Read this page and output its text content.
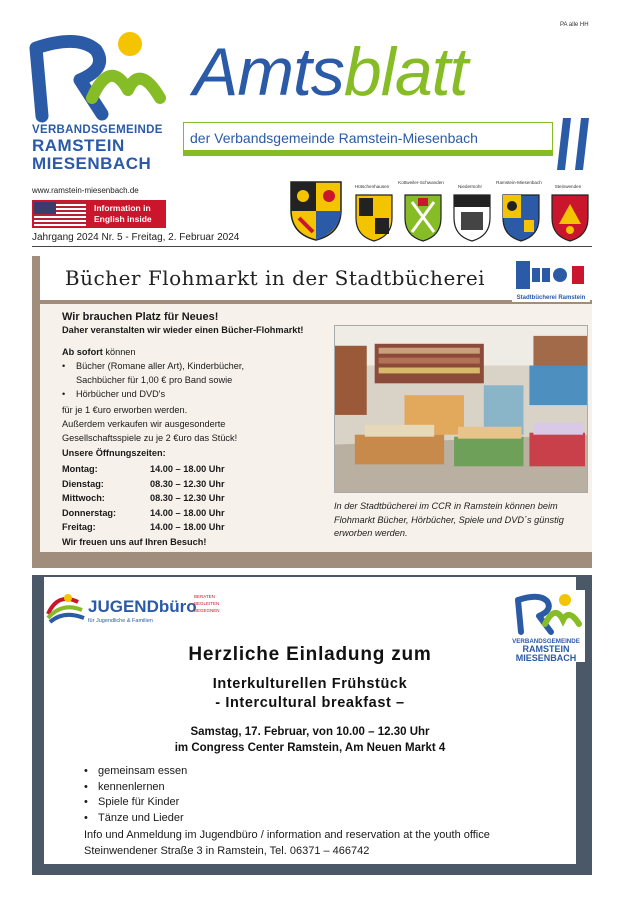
PA alle HH
VERBANDSGEMEINDE
RAMSTEIN
MIESENBACH
Amtsblatt
der Verbandsgemeinde Ramstein-Miesenbach
www.ramstein-miesenbach.de
Information in
English inside
Jahrgang 2024 Nr. 5 - Freitag, 2. Februar 2024
Hütschenhausen
Kottweiler-Schwanden
Niedermohr
Ramstein-Miesenbach
Steinwenden
Bücher Flohmarkt in der Stadtbücherei
Stadtbücherei Ramstein
Wir brauchen Platz für Neues!
Daher veranstalten wir wieder einen Bücher-Flohmarkt!
Ab sofort können
• Bücher (Romane aller Art), Kinderbücher,
Sachbücher für 1,00 € pro Band sowie
• Hörbücher und DVD's
für je 1 €uro erworben werden.
Außerdem verkaufen wir ausgesonderte
Gesellschaftsspiele zu je 2 €uro das Stück!
Unsere Öffnungszeiten:
Montag:	14.00 – 18.00 Uhr
Dienstag:	08.30 – 12.30 Uhr
Mittwoch:	08.30 – 12.30 Uhr
Donnerstag:	14.00 – 18.00 Uhr
Freitag:	14.00 – 18.00 Uhr
Wir freuen uns auf Ihren Besuch!
In der Stadtbücherei im CCR in Ramstein können beim Flohmarkt Bücher, Hörbücher, Spiele und DVD´s günstig erworben werden.
JUGENDbüro
für Jugendliche & Familien
BERATEN
BEGLEITEN
BEGEGNEN
VERBANDSGEMEINDE
RAMSTEIN
MIESENBACH
Herzliche Einladung zum
Interkulturellen Frühstück
- Intercultural breakfast –
Samstag, 17. Februar, von 10.00 – 12.30 Uhr
im Congress Center Ramstein, Am Neuen Markt 4
• gemeinsam essen
• kennenlernen
• Spiele für Kinder
• Tänze und Lieder
Info und Anmeldung im Jugendbüro / information and reservation at the youth office
Steinwendener Straße 3 in Ramstein, Tel. 06371 – 466742
